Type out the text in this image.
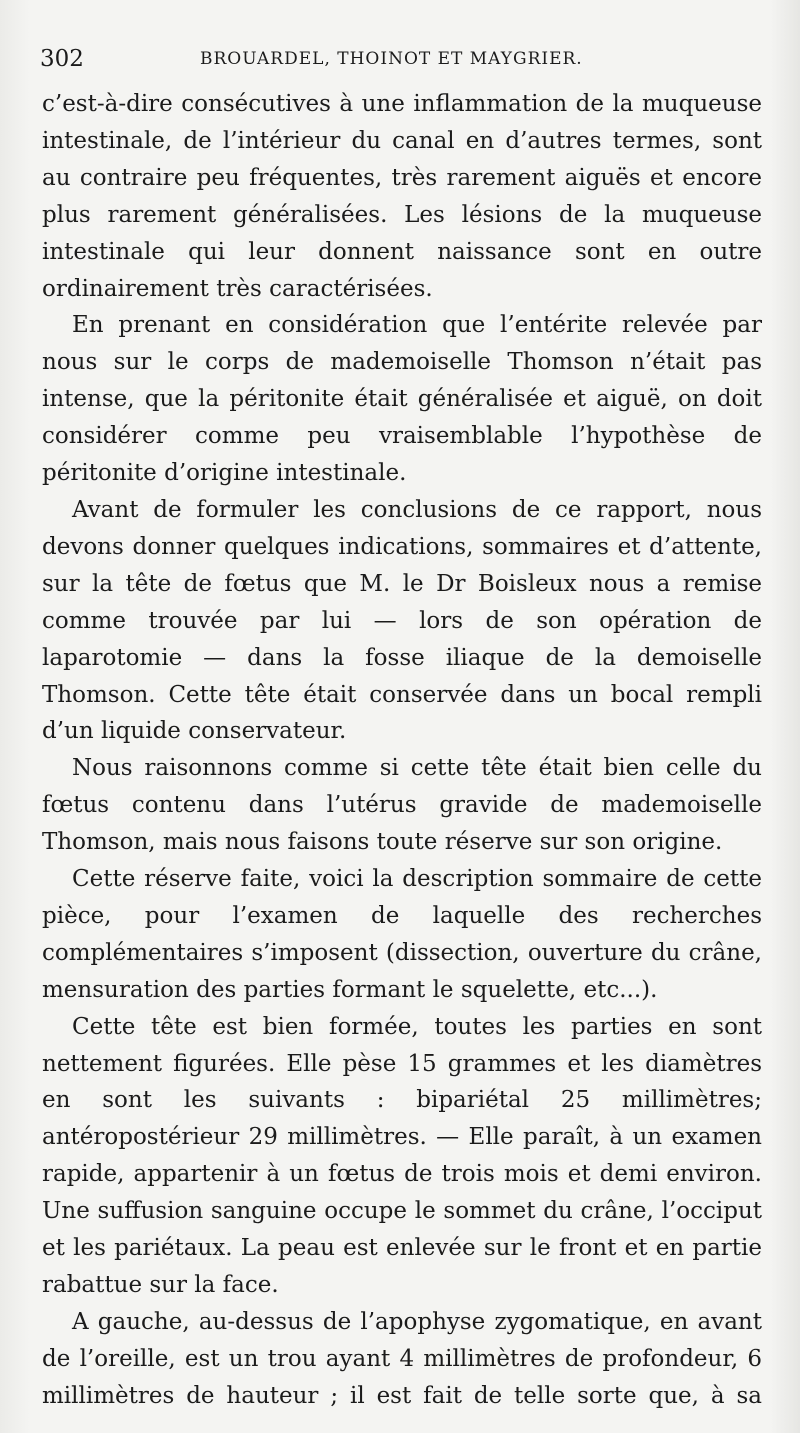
302	BROUARDEL, THOINOT ET MAYGRIER.

c’est-à-dire consécutives à une inflammation de la muqueuse intestinale, de l’intérieur du canal en d’autres termes, sont au contraire peu fréquentes, très rarement aiguës et encore plus rarement généralisées. Les lésions de la muqueuse intestinale qui leur donnent naissance sont en outre ordinairement très caractérisées.

En prenant en considération que l’entérite relevée par nous sur le corps de mademoiselle Thomson n’était pas intense, que la péritonite était généralisée et aiguë, on doit considérer comme peu vraisemblable l’hypothèse de péritonite d’origine intestinale.

Avant de formuler les conclusions de ce rapport, nous devons donner quelques indications, sommaires et d’attente, sur la tête de fœtus que M. le Dr Boisleux nous a remise comme trouvée par lui — lors de son opération de laparotomie — dans la fosse iliaque de la demoiselle Thomson. Cette tête était conservée dans un bocal rempli d’un liquide conservateur.

Nous raisonnons comme si cette tête était bien celle du fœtus contenu dans l’utérus gravide de mademoiselle Thomson, mais nous faisons toute réserve sur son origine.

Cette réserve faite, voici la description sommaire de cette pièce, pour l’examen de laquelle des recherches complémentaires s’imposent (dissection, ouverture du crâne, mensuration des parties formant le squelette, etc...).

Cette tête est bien formée, toutes les parties en sont nettement figurées. Elle pèse 15 grammes et les diamètres en sont les suivants : bipariétal 25 millimètres; antéropostérieur 29 millimètres. — Elle paraît, à un examen rapide, appartenir à un fœtus de trois mois et demi environ. Une suffusion sanguine occupe le sommet du crâne, l’occiput et les pariétaux. La peau est enlevée sur le front et en partie rabattue sur la face.

A gauche, au-dessus de l’apophyse zygomatique, en avant de l’oreille, est un trou ayant 4 millimètres de profondeur, 6 millimètres de hauteur ; il est fait de telle sorte que, à sa
